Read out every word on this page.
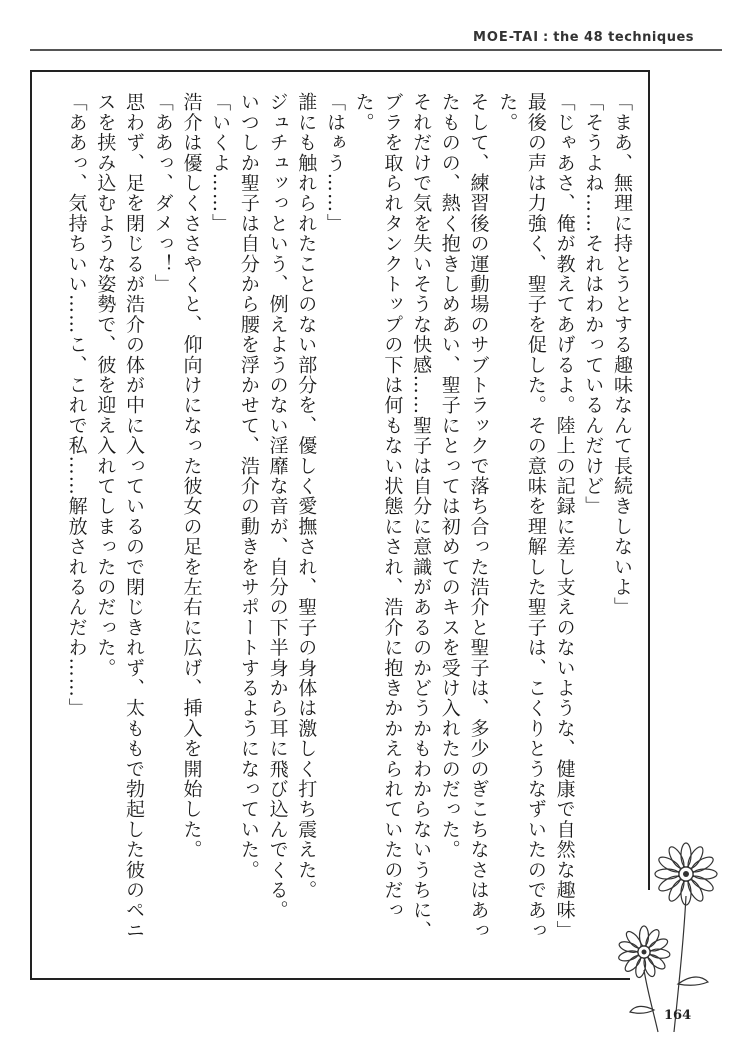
MOE-TAI : the 48 techniques

「まあ、無理に持とうとする趣味なんて長続きしないよ」

「そうよね……それはわかっているんだけど」

「じゃあさ、俺が教えてあげるよ。陸上の記録に差し支えのないような、健康で自然な趣味」

最後の声は力強く、聖子を促した。その意味を理解した聖子は、こくりとうなずいたのであった。

そして、練習後の運動場のサブトラックで落ち合った浩介と聖子は、多少のぎこちなさはあったものの、熱く抱きしめあい、聖子にとっては初めてのキスを受け入れたのだった。

それだけで気を失いそうな快感……聖子は自分に意識があるのかどうかもわからないうちに、ブラを取られタンクトップの下は何もない状態にされ、浩介に抱きかかえられていたのだった。

「はぁう……」

誰にも触れられたことのない部分を、優しく愛撫され、聖子の身体は激しく打ち震えた。

ジュチュッっという、例えようのない淫靡な音が、自分の下半身から耳に飛び込んでくる。

いつしか聖子は自分から腰を浮かせて、浩介の動きをサポートするようになっていた。

「いくよ……」

浩介は優しくささやくと、仰向けになった彼女の足を左右に広げ、挿入を開始した。

「ああっ、ダメっ！」

思わず、足を閉じるが浩介の体が中に入っているので閉じきれず、太ももで勃起した彼のペニスを挟み込むような姿勢で、彼を迎え入れてしまったのだった。

「ああっ、気持ちいい……こ、これで私……解放されるんだわ……」

164
